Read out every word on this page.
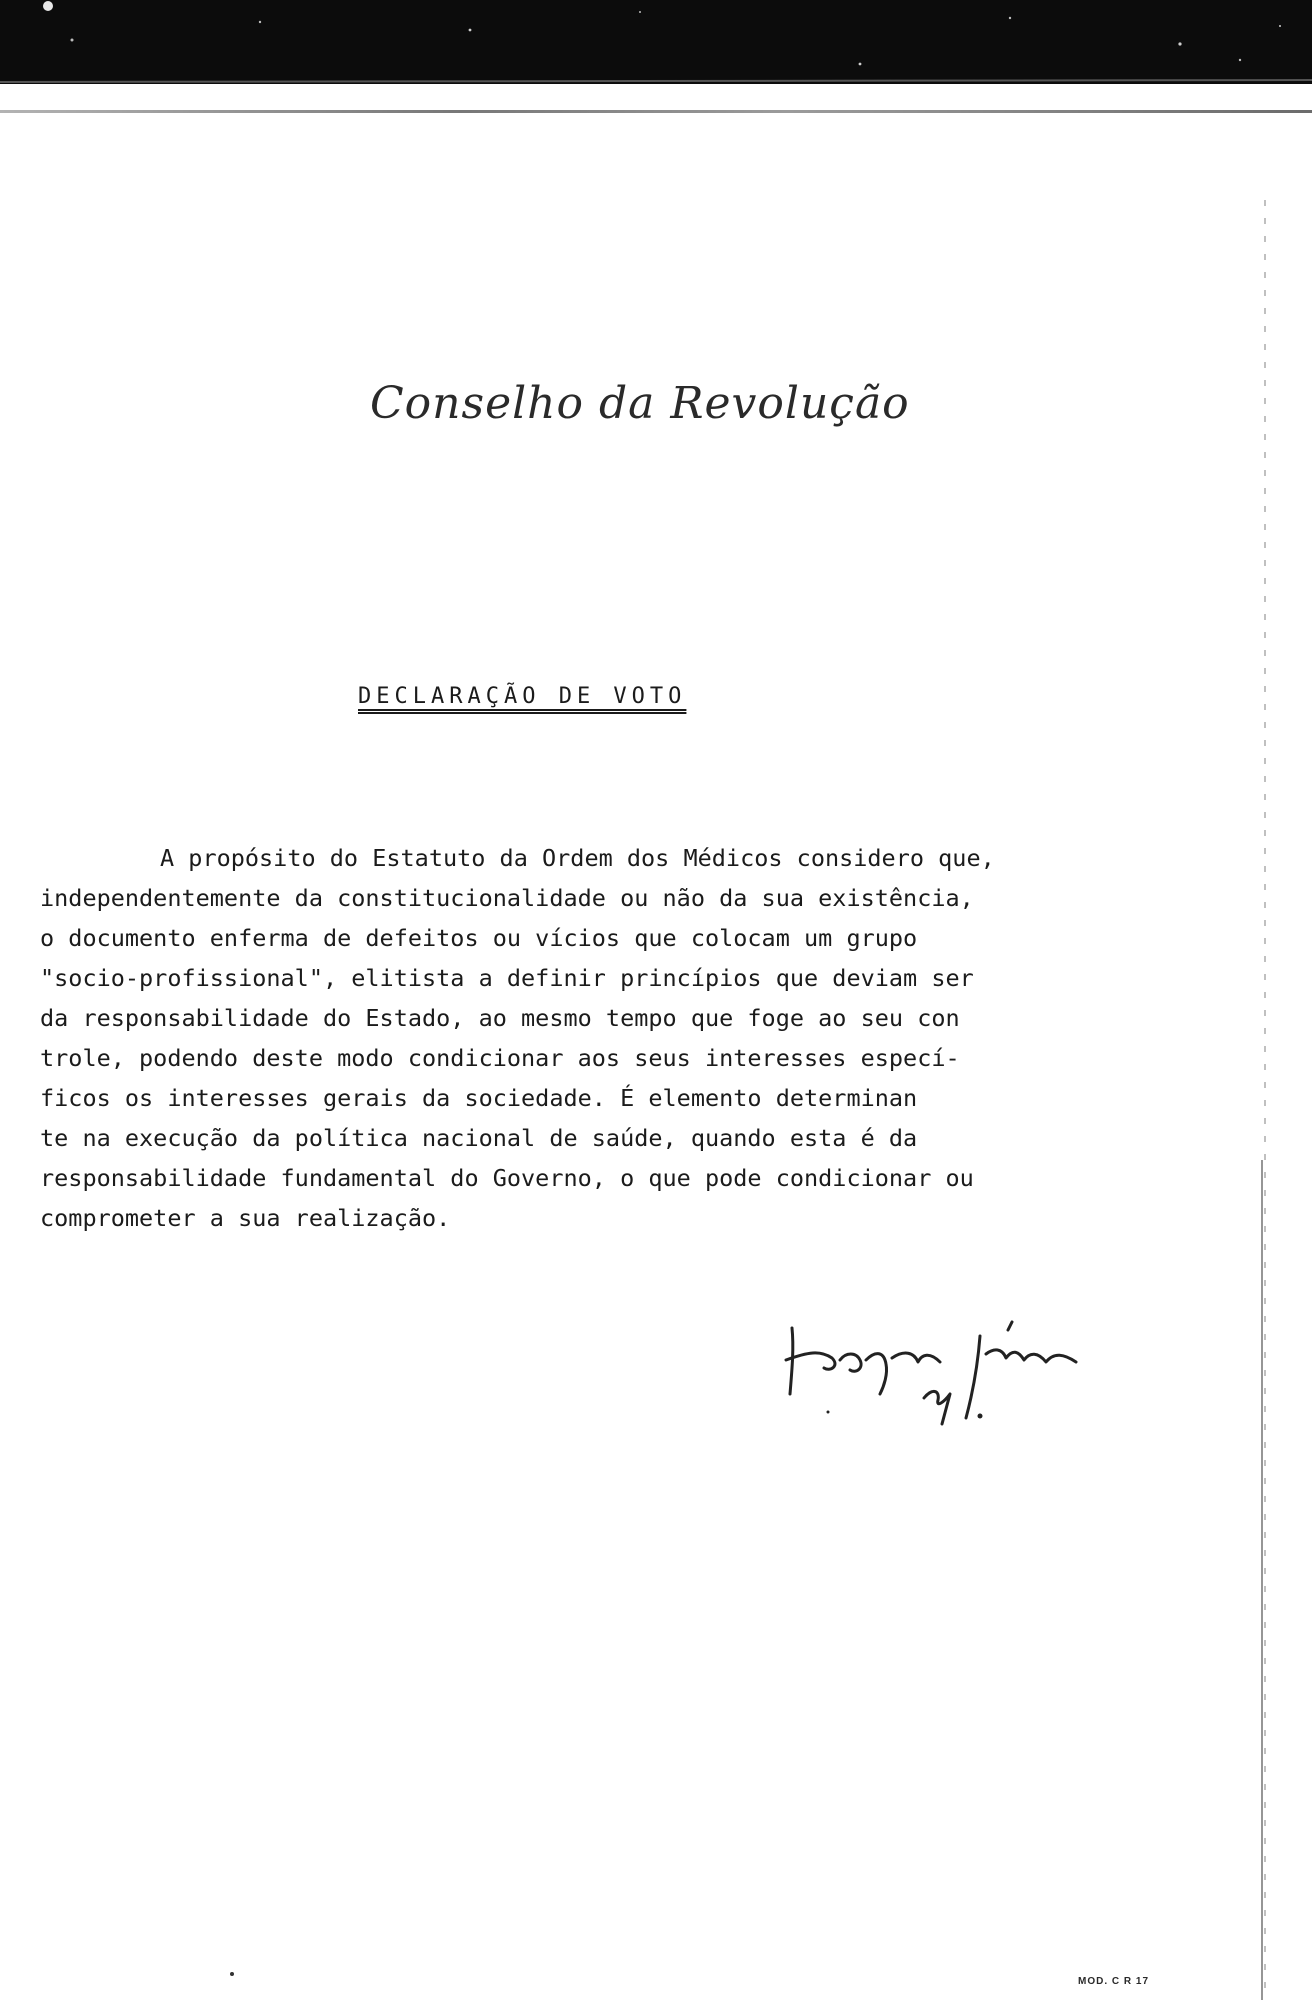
Conselho da Revolução
DECLARAÇÃO DE VOTO
A propósito do Estatuto da Ordem dos Médicos considero que,
independentemente da constitucionalidade ou não da sua existência,
o documento enferma de defeitos ou vícios que colocam um grupo
"socio-profissional", elitista a definir princípios que deviam ser
da responsabilidade do Estado, ao mesmo tempo que foge ao seu con
trole, podendo deste modo condicionar aos seus interesses especí-
ficos os interesses gerais da sociedade. É elemento determinan
te na execução da política nacional de saúde, quando esta é da
responsabilidade fundamental do Governo, o que pode condicionar ou
comprometer a sua realização.
MOD. C R 17
